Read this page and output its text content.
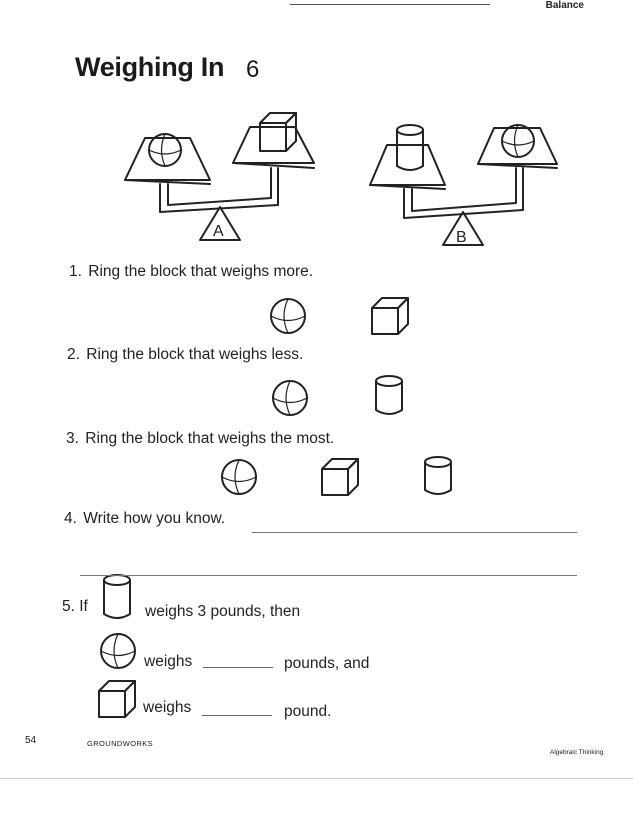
Balance
Weighing In 6
A	B
1. Ring the block that weighs more.
2. Ring the block that weighs less.
3. Ring the block that weighs the most.
4. Write how you know.
5. If	weighs 3 pounds, then
weighs	pounds, and
weighs	pound.
54	GROUNDWORKS
Algebraic Thinking
